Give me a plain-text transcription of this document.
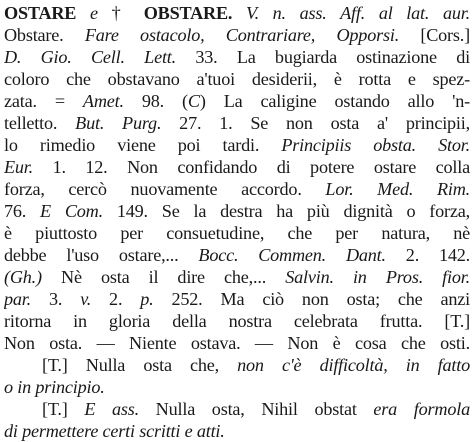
OSTARE e † OBSTARE. V. n. ass. Aff. al lat. aur.
Obstare. Fare ostacolo, Contrariare, Opporsi. [Cors.]
D. Gio. Cell. Lett. 33. La bugiarda ostinazione di
coloro che obstavano a'tuoi desiderii, è rotta e spez-
zata. = Amet. 98. (C) La caligine ostando allo 'n-
telletto. But. Purg. 27. 1. Se non osta a' principii,
lo rimedio viene poi tardi. Principiis obsta. Stor.
Eur. 1. 12. Non confidando di potere ostare colla
forza, cercò nuovamente accordo. Lor. Med. Rim.
76. E Com. 149. Se la destra ha più dignità o forza,
è piuttosto per consuetudine, che per natura, nè
debbe l'uso ostare,... Bocc. Commen. Dant. 2. 142.
(Gh.) Nè osta il dire che,... Salvin. in Pros. fior.
par. 3. v. 2. p. 252. Ma ciò non osta; che anzi
ritorna in gloria della nostra celebrata frutta. [T.]
Non osta. — Niente ostava. — Non è cosa che osti.
[T.] Nulla osta che, non c'è difficoltà, in fatto
o in principio.
[T.] E ass. Nulla osta, Nihil obstat era formola
di permettere certi scritti e atti.
